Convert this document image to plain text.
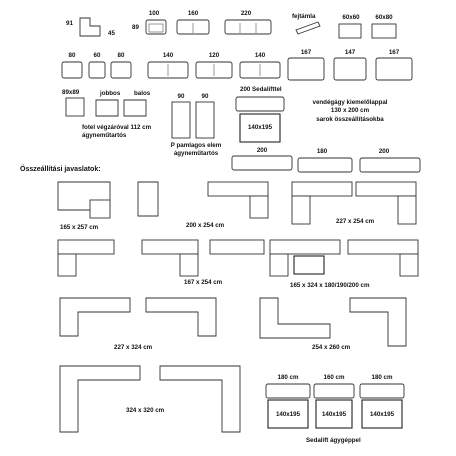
91
45
89
100	160	220	fejtámla	60x60	60x80
80	60	80	140	120	140	167	147	167
89x89	jobbos balos	90	90
200 Sedalifttel
140x195
vendégágy kiemelőlappal
130 x 200 cm
sarok összeállításokba
fotel végzáróval 112 cm
ágyneműtartós
P pamlagos elem
ágyneműtartós	200	180	200
Összeállítási javaslatok:
165 x 257 cm	200 x 254 cm
227 x 254 cm
167 x 254 cm	165 x 324 x 180/190/200 cm
227 x 324 cm	254 x 260 cm
324 x 320 cm
180 cm	160 cm	180 cm
140x195	140x195	140x195
Sedalift ágygéppel
